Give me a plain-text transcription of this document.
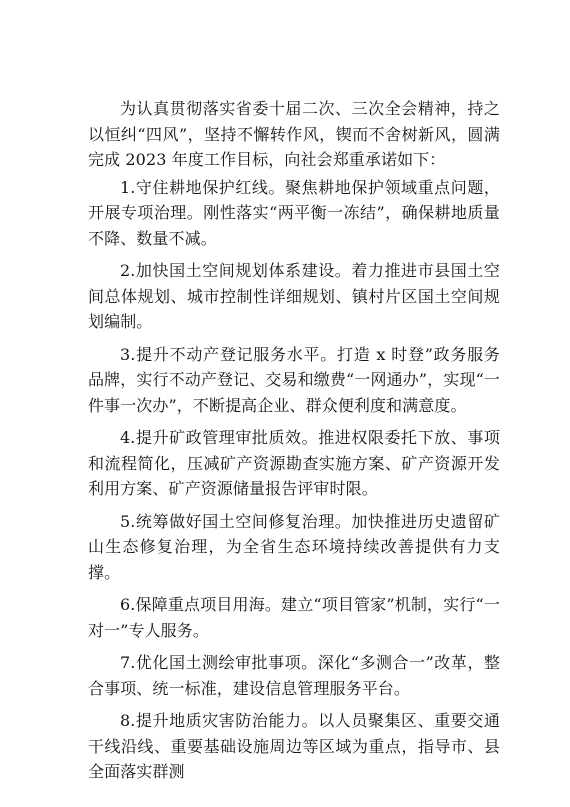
为认真贯彻落实省委十届二次、三次全会精神，持之以恒纠“四风”，坚持不懈转作风，锲而不舍树新风，圆满完成 2023 年度工作目标，向社会郑重承诺如下：

1.守住耕地保护红线。聚焦耕地保护领域重点问题，开展专项治理。刚性落实“两平衡一冻结”，确保耕地质量不降、数量不减。

2.加快国土空间规划体系建设。着力推进市县国土空间总体规划、城市控制性详细规划、镇村片区国土空间规划编制。

3.提升不动产登记服务水平。打造 x 时登”政务服务品牌，实行不动产登记、交易和缴费“一网通办”，实现“一件事一次办”，不断提高企业、群众便利度和满意度。

4.提升矿政管理审批质效。推进权限委托下放、事项和流程简化，压减矿产资源勘查实施方案、矿产资源开发利用方案、矿产资源储量报告评审时限。

5.统筹做好国土空间修复治理。加快推进历史遗留矿山生态修复治理，为全省生态环境持续改善提供有力支撑。

6.保障重点项目用海。建立“项目管家”机制，实行“一对一”专人服务。

7.优化国土测绘审批事项。深化“多测合一”改革，整合事项、统一标准，建设信息管理服务平台。

8.提升地质灾害防治能力。以人员聚集区、重要交通干线沿线、重要基础设施周边等区域为重点，指导市、县全面落实群测
